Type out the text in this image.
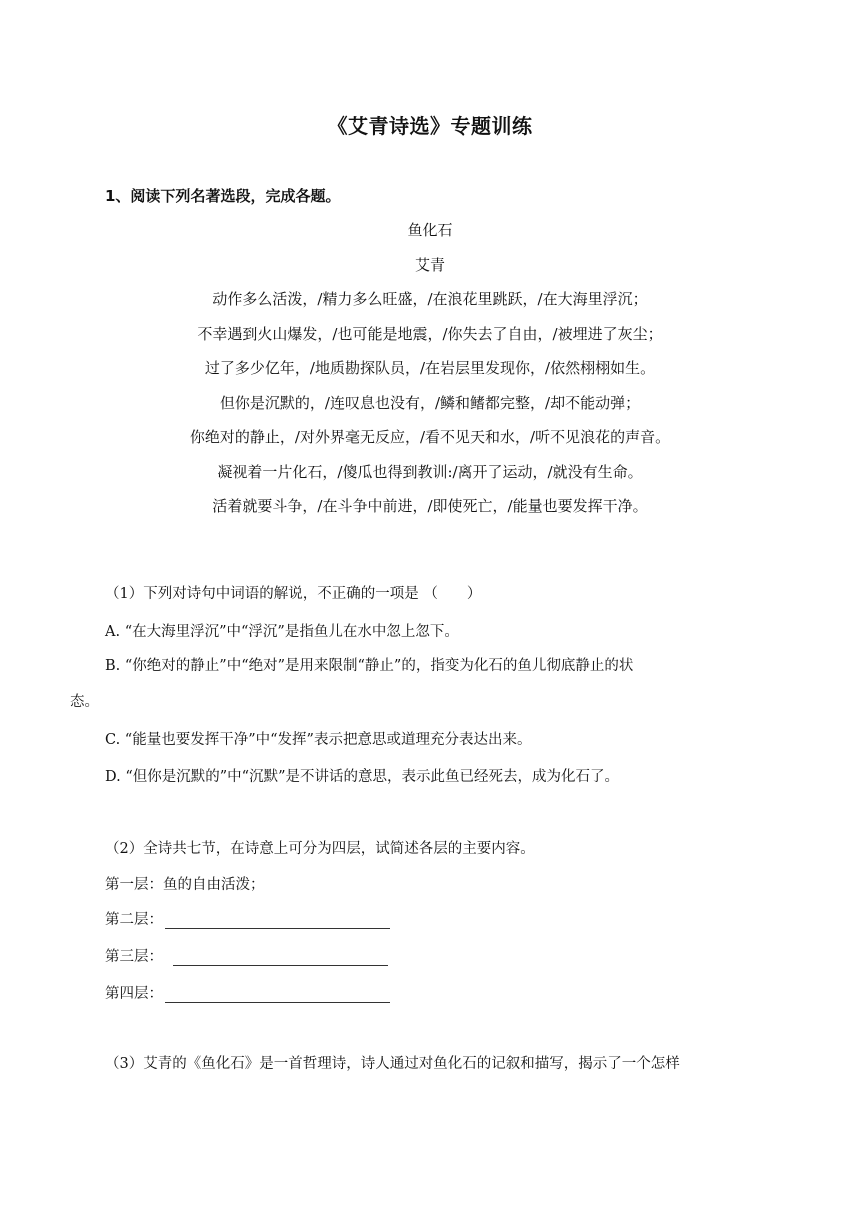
《艾青诗选》专题训练
1、阅读下列名著选段，完成各题。
鱼化石
艾青
动作多么活泼，/精力多么旺盛，/在浪花里跳跃，/在大海里浮沉；
不幸遇到火山爆发，/也可能是地震，/你失去了自由，/被埋进了灰尘；
过了多少亿年，/地质勘探队员，/在岩层里发现你，/依然栩栩如生。
但你是沉默的，/连叹息也没有，/鳞和鳍都完整，/却不能动弹；
你绝对的静止，/对外界毫无反应，/看不见天和水，/听不见浪花的声音。
凝视着一片化石，/傻瓜也得到教训:/离开了运动，/就没有生命。
活着就要斗争，/在斗争中前进，/即使死亡，/能量也要发挥干净。
（1）下列对诗句中词语的解说，不正确的一项是 （　　）
A. “在大海里浮沉”中“浮沉”是指鱼儿在水中忽上忽下。
B. “你绝对的静止”中“绝对”是用来限制“静止”的，指变为化石的鱼儿彻底静止的状
态。
C. “能量也要发挥干净”中“发挥”表示把意思或道理充分表达出来。
D. “但你是沉默的”中“沉默”是不讲话的意思，表示此鱼已经死去，成为化石了。
（2）全诗共七节，在诗意上可分为四层，试简述各层的主要内容。
第一层：鱼的自由活泼；
第二层：
第三层：
第四层：
（3）艾青的《鱼化石》是一首哲理诗，诗人通过对鱼化石的记叙和描写，揭示了一个怎样
